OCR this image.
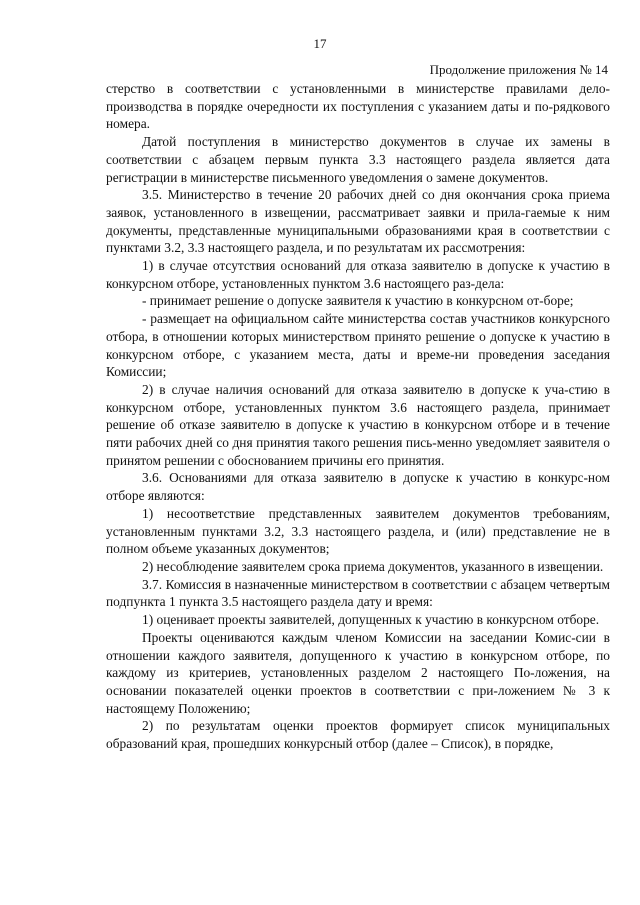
17
Продолжение приложения № 14

стерство в соответствии с установленными в министерстве правилами дело-производства в порядке очередности их поступления с указанием даты и по-рядкового номера.

Датой поступления в министерство документов в случае их замены в соответствии с абзацем первым пункта 3.3 настоящего раздела является дата регистрации в министерстве письменного уведомления о замене документов.

3.5. Министерство в течение 20 рабочих дней со дня окончания срока приема заявок, установленного в извещении, рассматривает заявки и прила-гаемые к ним документы, представленные муниципальными образованиями края в соответствии с пунктами 3.2, 3.3 настоящего раздела, и по результатам их рассмотрения:

1) в случае отсутствия оснований для отказа заявителю в допуске к участию в конкурсном отборе, установленных пунктом 3.6 настоящего раз-дела:

- принимает решение о допуске заявителя к участию в конкурсном от-боре;

- размещает на официальном сайте министерства состав участников конкурсного отбора, в отношении которых министерством принято решение о допуске к участию в конкурсном отборе, с указанием места, даты и време-ни проведения заседания Комиссии;

2) в случае наличия оснований для отказа заявителю в допуске к уча-стию в конкурсном отборе, установленных пунктом 3.6 настоящего раздела, принимает решение об отказе заявителю в допуске к участию в конкурсном отборе и в течение пяти рабочих дней со дня принятия такого решения пись-менно уведомляет заявителя о принятом решении с обоснованием причины его принятия.

3.6. Основаниями для отказа заявителю в допуске к участию в конкурс-ном отборе являются:

1) несоответствие представленных заявителем документов требованиям, установленным пунктами 3.2, 3.3 настоящего раздела, и (или) представление не в полном объеме указанных документов;

2) несоблюдение заявителем срока приема документов, указанного в извещении.

3.7. Комиссия в назначенные министерством в соответствии с абзацем четвертым подпункта 1 пункта 3.5 настоящего раздела дату и время:

1) оценивает проекты заявителей, допущенных к участию в конкурсном отборе.

Проекты оцениваются каждым членом Комиссии на заседании Комис-сии в отношении каждого заявителя, допущенного к участию в конкурсном отборе, по каждому из критериев, установленных разделом 2 настоящего По-ложения, на основании показателей оценки проектов в соответствии с при-ложением № 3 к настоящему Положению;

2) по результатам оценки проектов формирует список муниципальных образований края, прошедших конкурсный отбор (далее – Список), в порядке,
